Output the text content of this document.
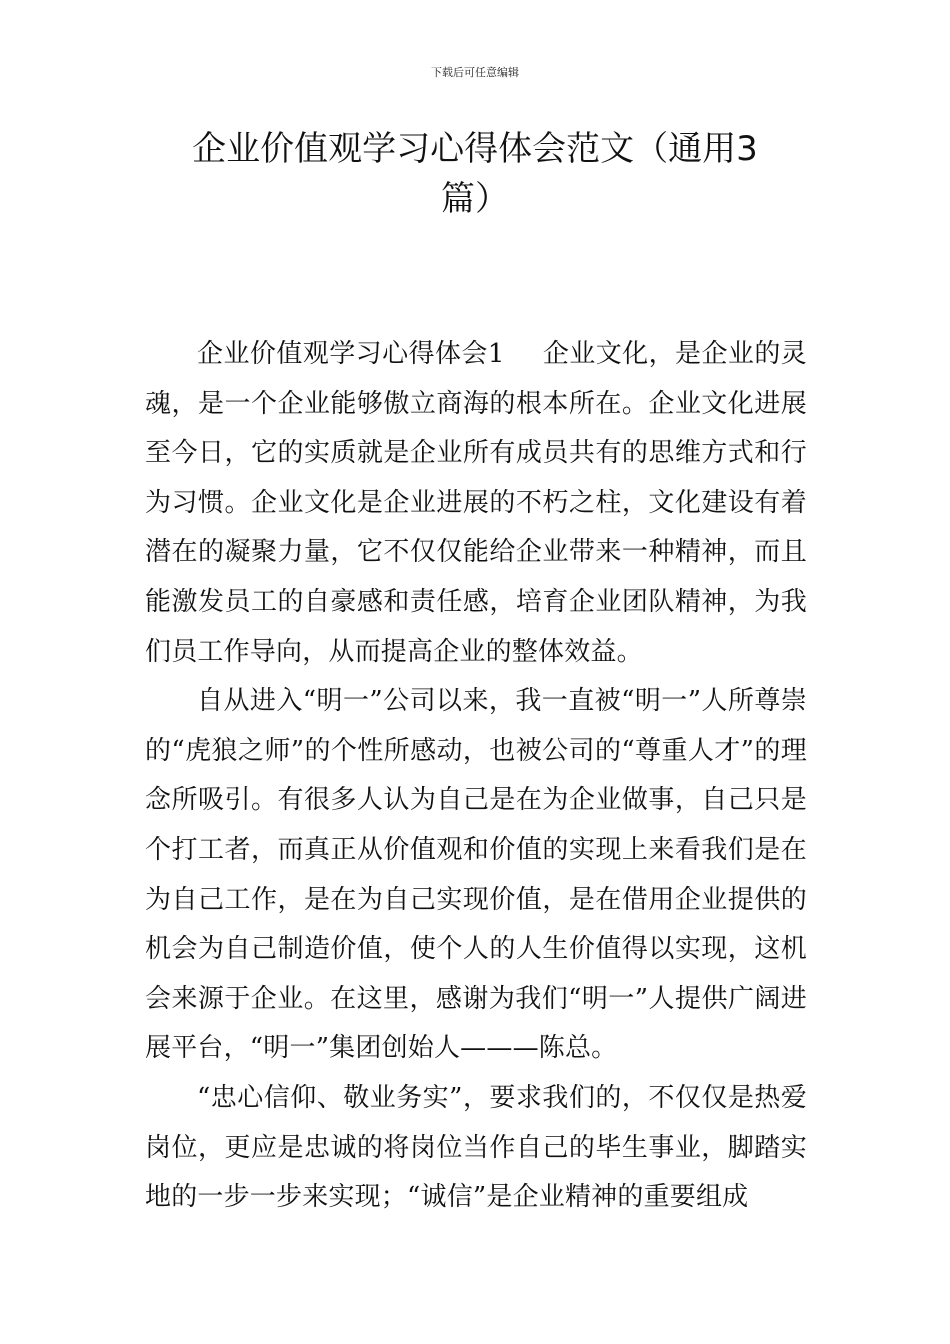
下载后可任意编辑
企业价值观学习心得体会范文（通用3
篇）

企业价值观学习心得体会1 企业文化，是企业的灵魂，是一个企业能够傲立商海的根本所在。企业文化进展至今日，它的实质就是企业所有成员共有的思维方式和行为习惯。企业文化是企业进展的不朽之柱，文化建设有着潜在的凝聚力量，它不仅仅能给企业带来一种精神，而且能激发员工的自豪感和责任感，培育企业团队精神，为我们员工作导向，从而提高企业的整体效益。

自从进入“明一”公司以来，我一直被“明一”人所尊崇的“虎狼之师”的个性所感动，也被公司的“尊重人才”的理念所吸引。有很多人认为自己是在为企业做事，自己只是个打工者，而真正从价值观和价值的实现上来看我们是在为自己工作，是在为自己实现价值，是在借用企业提供的机会为自己制造价值，使个人的人生价值得以实现，这机会来源于企业。在这里，感谢为我们“明一”人提供广阔进展平台，“明一”集团创始人———陈总。

“忠心信仰、敬业务实”，要求我们的，不仅仅是热爱岗位，更应是忠诚的将岗位当作自己的毕生事业，脚踏实地的一步一步来实现；“诚信”是企业精神的重要组成
